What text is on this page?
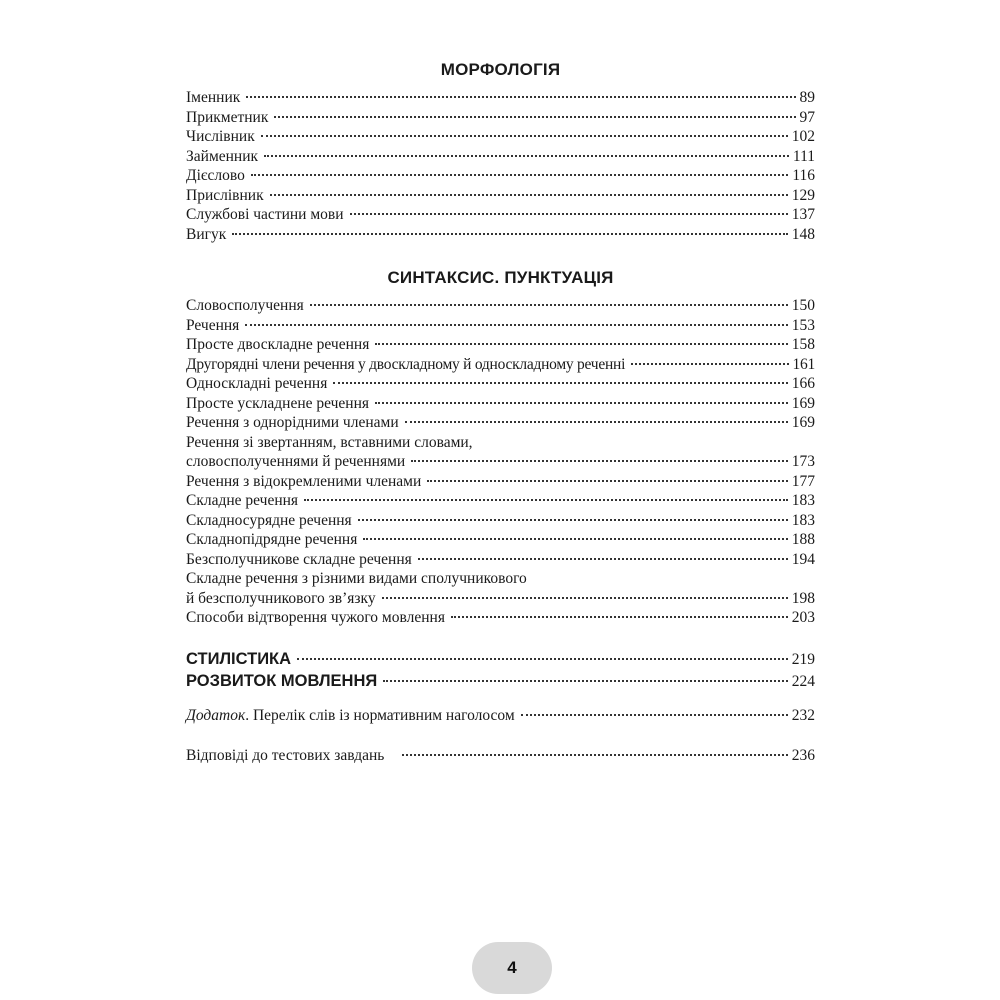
МОРФОЛОГІЯ
Іменник	89
Прикметник	97
Числівник	102
Займенник	111
Дієслово	116
Прислівник	129
Службові частини мови	137
Вигук	148
СИНТАКСИС. ПУНКТУАЦІЯ
Словосполучення	150
Речення	153
Просте двоскладне речення	158
Другорядні члени речення у двоскладному й односкладному реченні	161
Односкладні речення	166
Просте ускладнене речення	169
Речення з однорідними членами	169
Речення зі звертанням, вставними словами,
словосполученнями й реченнями	173
Речення з відокремленими членами	177
Складне речення	183
Складносурядне речення	183
Складнопідрядне речення	188
Безсполучникове складне речення	194
Складне речення з різними видами сполучникового
й безсполучникового зв’язку	198
Способи відтворення чужого мовлення	203
СТИЛІСТИКА	219
РОЗВИТОК МОВЛЕННЯ	224
Додаток. Перелік слів із нормативним наголосом	232
Відповіді до тестових завдань	236
4
